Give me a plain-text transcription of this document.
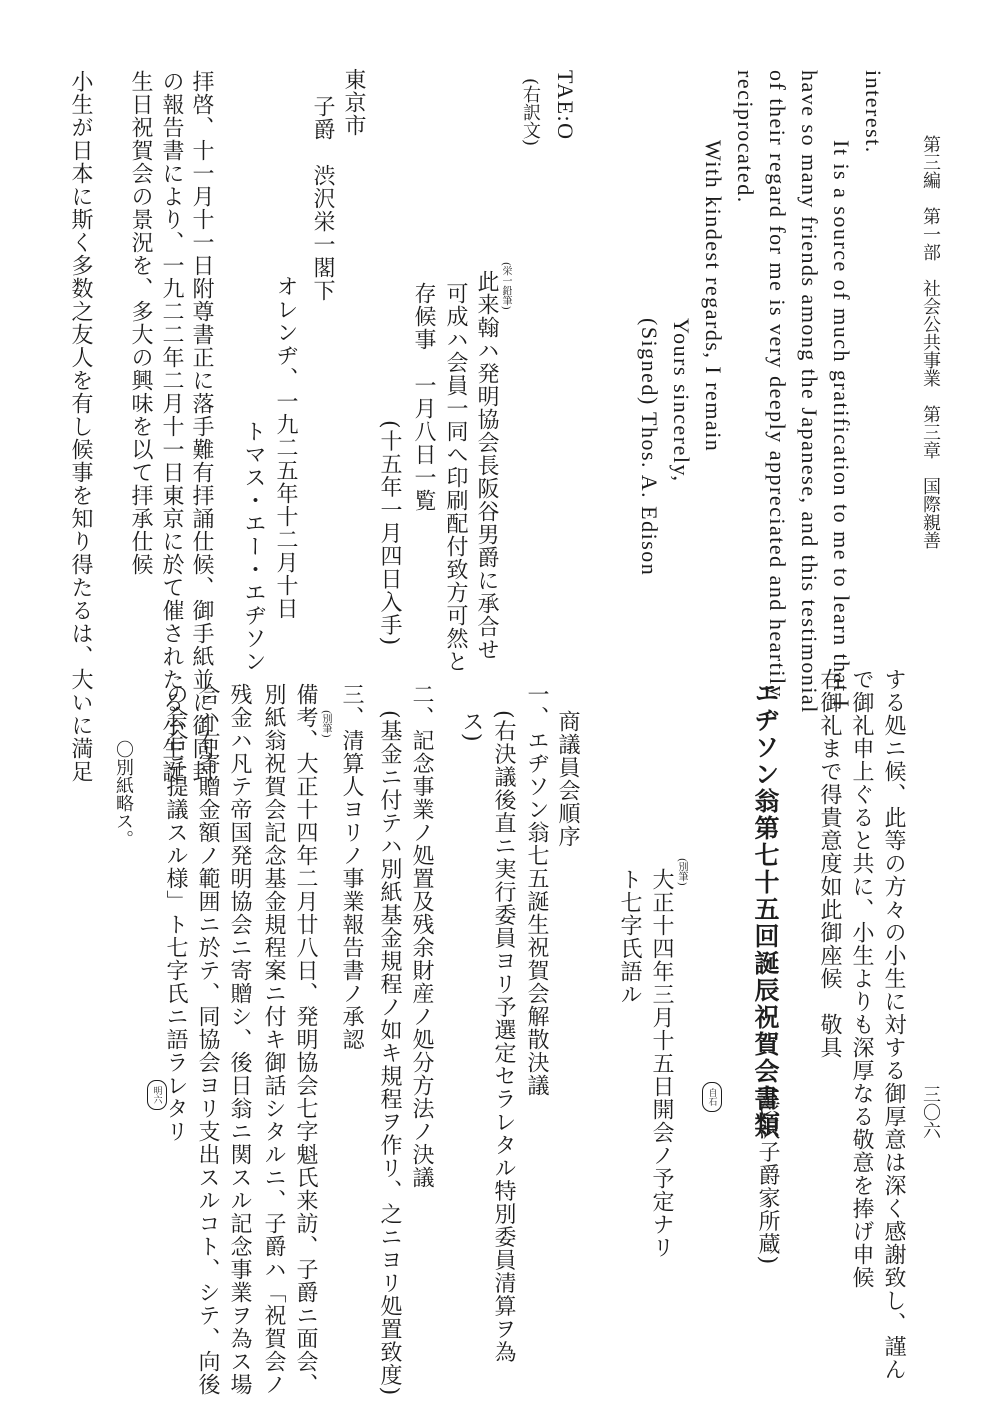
第三編　第一部　社会公共事業　第三章　国際親善
三〇六
interest.
It is a source of much gratification to me to learn that I
have so many friends among the Japanese, and this testimonial
of their regard for me is very deeply appreciated and heartily
reciprocated.
With kindest regards, I remain
Yours sincerely,
(Signed)
Thos. A. Edison
TAE:O
(右訳文)
(栄一鉛筆)
此来翰ハ発明協会長阪谷男爵に承合せ
可成ハ会員一同へ印刷配付致方可然と
存候事　一月八日一覧
(十五年一月四日入手)
東京市
子爵　渋沢栄一閣下
オレンヂ、一九二五年十二月十日
トマス・エー・エヂソン
拝啓、十一月十一日附尊書正に落手難有拝誦仕候、御手紙並に御同封
の報告書により、一九二二年二月十一日東京に於て催されたる小生誕
生日祝賀会の景況を、多大の興味を以て拝承仕候
小生が日本に斯く多数之友人を有し候事を知り得たるは、大いに満足
する処ニ候、此等の方々の小生に対する御厚意は深く感謝致し、謹ん
で御礼申上ぐると共に、小生よりも深厚なる敬意を捧げ申候
右御礼まで得貴意度如此御座候　敬具
エヂソン翁第七十五回誕辰祝賀会書類
(渋沢子爵家所蔵)
自石
(別筆)
大正十四年三月十五日開会ノ予定ナリ
ト七字氏語ル
商議員会順序
一、エヂソン翁七五誕生祝賀会解散決議
(右決議後直ニ実行委員ヨリ予選定セラレタル特別委員清算ヲ為
ス)
二、記念事業ノ処置及残余財産ノ処分方法ノ決議
(基金ニ付テハ別紙基金規程ノ如キ規程ヲ作リ、之ニヨリ処置致度)
三、清算人ヨリノ事業報告書ノ承認
(別筆)
備考、大正十四年二月廿八日、発明協会七字魁氏来訪、子爵ニ面会、
別紙翁祝賀会記念基金規程案ニ付キ御話シタルニ、子爵ハ「祝賀会ノ
残金ハ凡テ帝国発明協会ニ寄贈シ、後日翁ニ関スル記念事業ヲ為ス場
合ハ右寄贈金額ノ範囲ニ於テ、同協会ヨリ支出スルコト、シテ、向後
の会合ニ提議スル様」ト七字氏ニ語ラレタリ
明六
〇別紙略ス。
